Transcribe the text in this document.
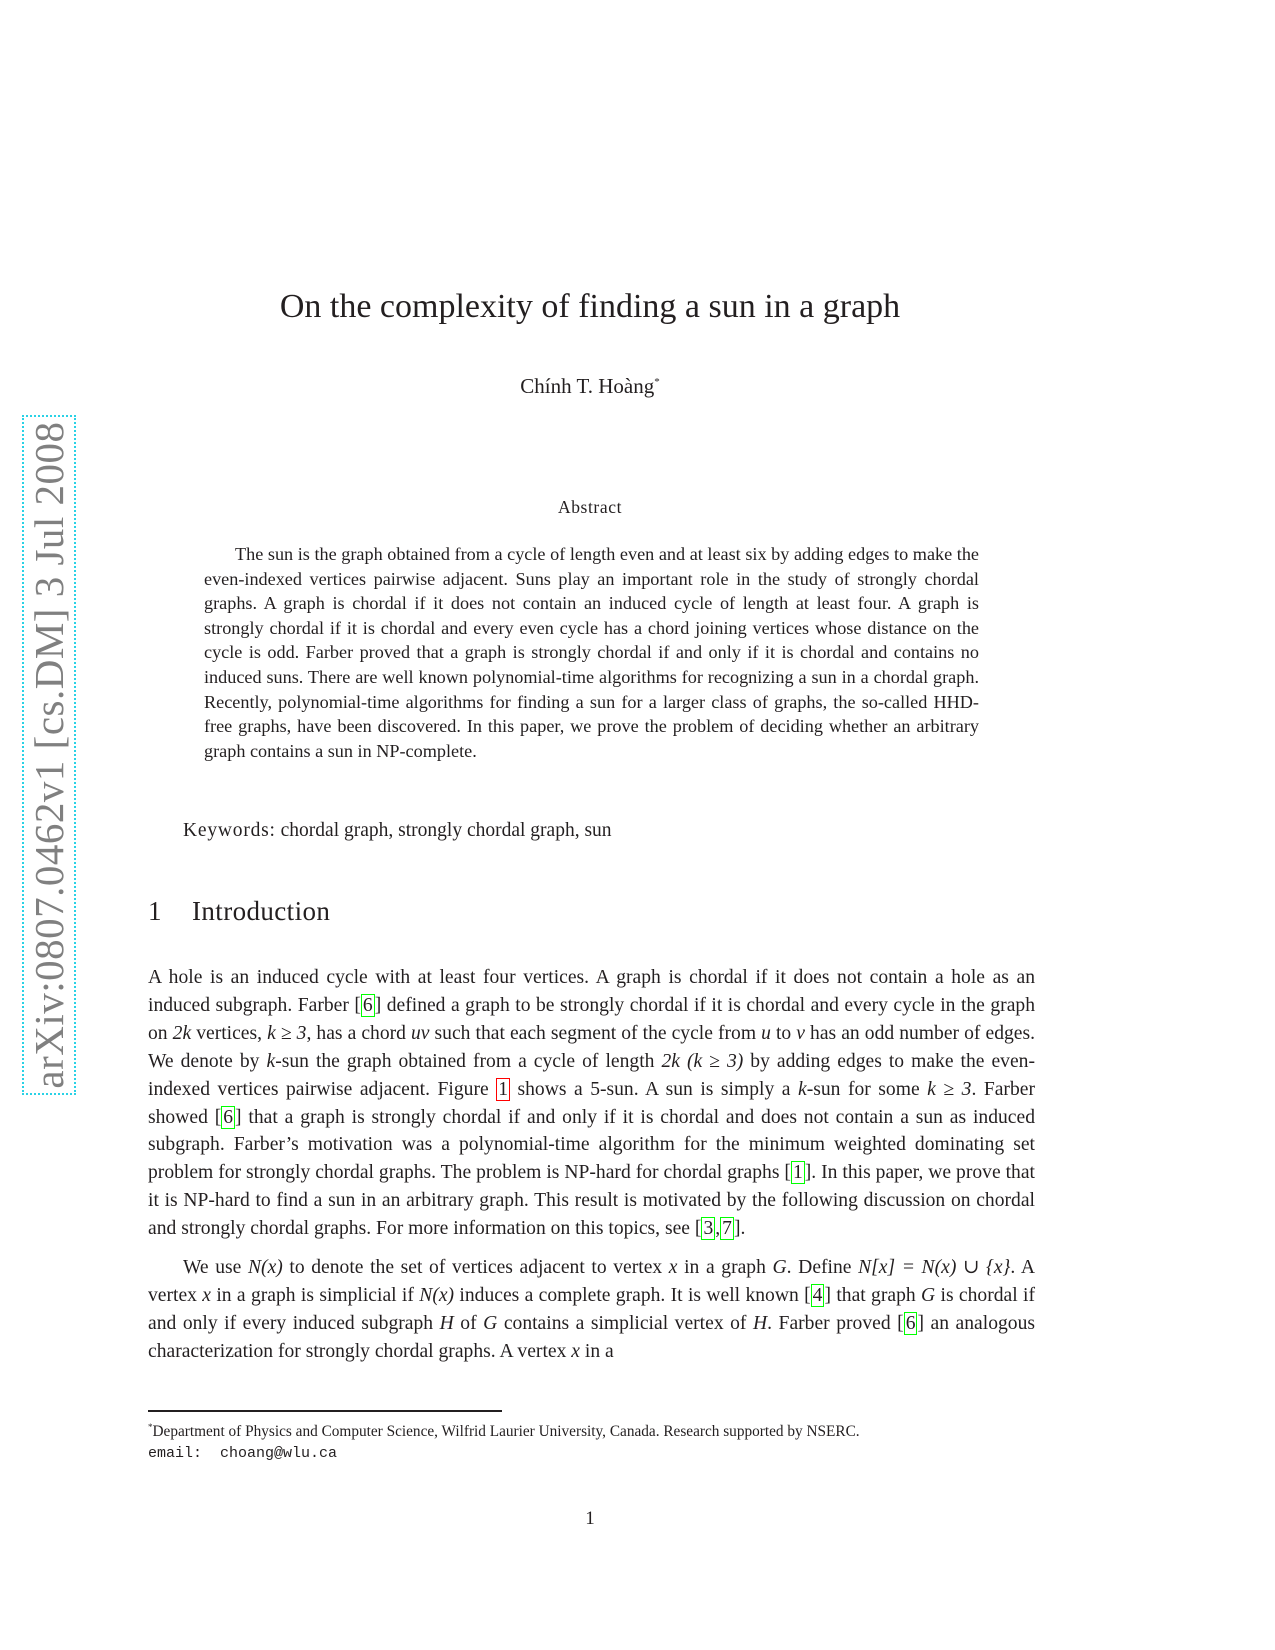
arXiv:0807.0462v1 [cs.DM] 3 Jul 2008
On the complexity of finding a sun in a graph
Chính T. Hoàng*
Abstract

The sun is the graph obtained from a cycle of length even and at least six by adding edges to make the even-indexed vertices pairwise adjacent. Suns play an important role in the study of strongly chordal graphs. A graph is chordal if it does not contain an induced cycle of length at least four. A graph is strongly chordal if it is chordal and every even cycle has a chord joining vertices whose distance on the cycle is odd. Farber proved that a graph is strongly chordal if and only if it is chordal and contains no induced suns. There are well known polynomial-time algorithms for recognizing a sun in a chordal graph. Recently, polynomial-time algorithms for finding a sun for a larger class of graphs, the so-called HHD-free graphs, have been discovered. In this paper, we prove the problem of deciding whether an arbitrary graph contains a sun in NP-complete.

Keywords: chordal graph, strongly chordal graph, sun
1 Introduction

A hole is an induced cycle with at least four vertices. A graph is chordal if it does not contain a hole as an induced subgraph. Farber [ 6 ] defined a graph to be strongly chordal if it is chordal and every cycle in the graph on 2k vertices, k ≥ 3, has a chord uv such that each segment of the cycle from u to v has an odd number of edges. We denote by k-sun the graph obtained from a cycle of length 2k (k ≥ 3) by adding edges to make the even-indexed vertices pairwise adjacent. Figure 1 shows a 5-sun. A sun is simply a k-sun for some k ≥ 3. Farber showed [ 6 ] that a graph is strongly chordal if and only if it is chordal and does not contain a sun as induced subgraph. Farber’s motivation was a polynomial-time algorithm for the minimum weighted dominating set problem for strongly chordal graphs. The problem is NP-hard for chordal graphs [ 1 ]. In this paper, we prove that it is NP-hard to find a sun in an arbitrary graph. This result is motivated by the following discussion on chordal and strongly chordal graphs. For more information on this topics, see [ 3 , 7 ].

We use N(x) to denote the set of vertices adjacent to vertex x in a graph G. Define N[x] = N(x) ∪ {x}. A vertex x in a graph is simplicial if N(x) induces a complete graph. It is well known [ 4 ] that graph G is chordal if and only if every induced subgraph H of G contains a simplicial vertex of H. Farber proved [ 6 ] an analogous characterization for strongly chordal graphs. A vertex x in a

*Department of Physics and Computer Science, Wilfrid Laurier University, Canada. Research supported by NSERC.
email: choang@wlu.ca
1
